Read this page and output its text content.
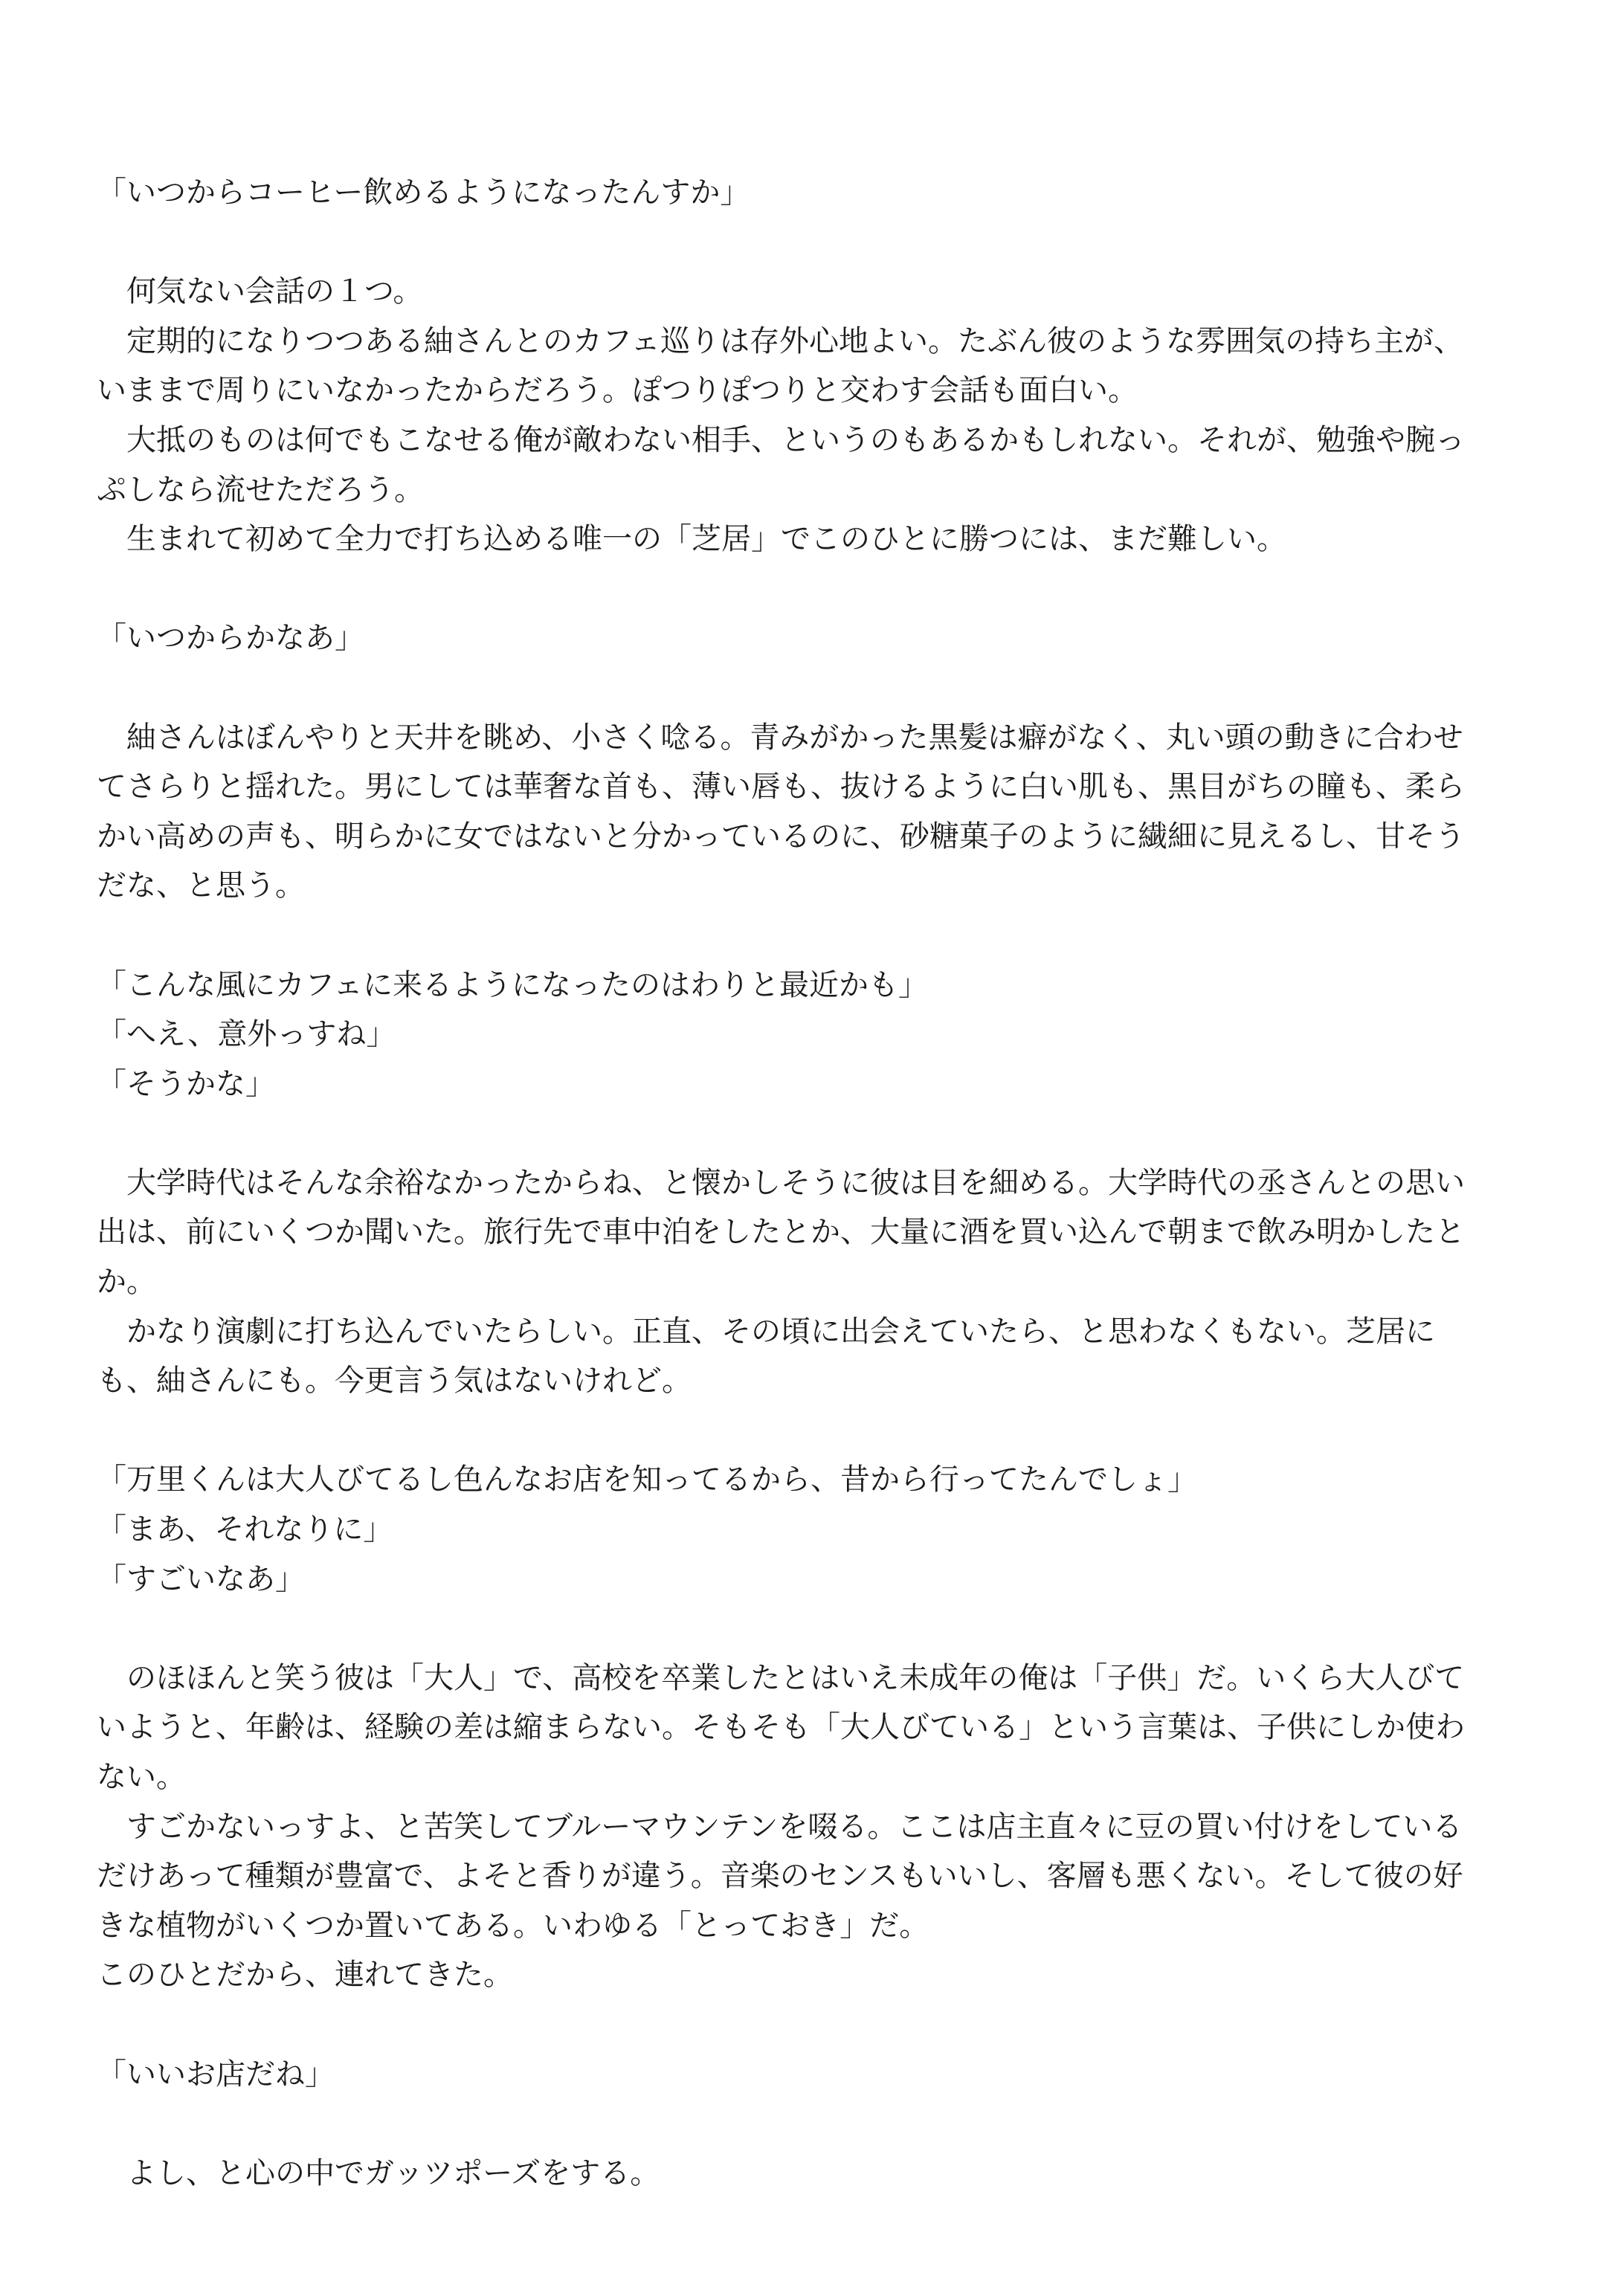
「いつからコーヒー飲めるようになったんすか」
　何気ない会話の１つ。
　定期的になりつつある紬さんとのカフェ巡りは存外心地よい。たぶん彼のような雰囲気の持ち主が、
いままで周りにいなかったからだろう。ぽつりぽつりと交わす会話も面白い。
　大抵のものは何でもこなせる俺が敵わない相手、というのもあるかもしれない。それが、勉強や腕っ
ぷしなら流せただろう。
　生まれて初めて全力で打ち込める唯一の「芝居」でこのひとに勝つには、まだ難しい。
「いつからかなあ」
　紬さんはぼんやりと天井を眺め、小さく唸る。青みがかった黒髪は癖がなく、丸い頭の動きに合わせ
てさらりと揺れた。男にしては華奢な首も、薄い唇も、抜けるように白い肌も、黒目がちの瞳も、柔ら
かい高めの声も、明らかに女ではないと分かっているのに、砂糖菓子のように繊細に見えるし、甘そう
だな、と思う。
「こんな風にカフェに来るようになったのはわりと最近かも」
「へえ、意外っすね」
「そうかな」
　大学時代はそんな余裕なかったからね、と懐かしそうに彼は目を細める。大学時代の丞さんとの思い
出は、前にいくつか聞いた。旅行先で車中泊をしたとか、大量に酒を買い込んで朝まで飲み明かしたと
か。
　かなり演劇に打ち込んでいたらしい。正直、その頃に出会えていたら、と思わなくもない。芝居に
も、紬さんにも。今更言う気はないけれど。
「万里くんは大人びてるし色んなお店を知ってるから、昔から行ってたんでしょ」
「まあ、それなりに」
「すごいなあ」
　のほほんと笑う彼は「大人」で、高校を卒業したとはいえ未成年の俺は「子供」だ。いくら大人びて
いようと、年齢は、経験の差は縮まらない。そもそも「大人びている」という言葉は、子供にしか使わ
ない。
　すごかないっすよ、と苦笑してブルーマウンテンを啜る。ここは店主直々に豆の買い付けをしている
だけあって種類が豊富で、よそと香りが違う。音楽のセンスもいいし、客層も悪くない。そして彼の好
きな植物がいくつか置いてある。いわゆる「とっておき」だ。
このひとだから、連れてきた。
「いいお店だね」
　よし、と心の中でガッツポーズをする。
